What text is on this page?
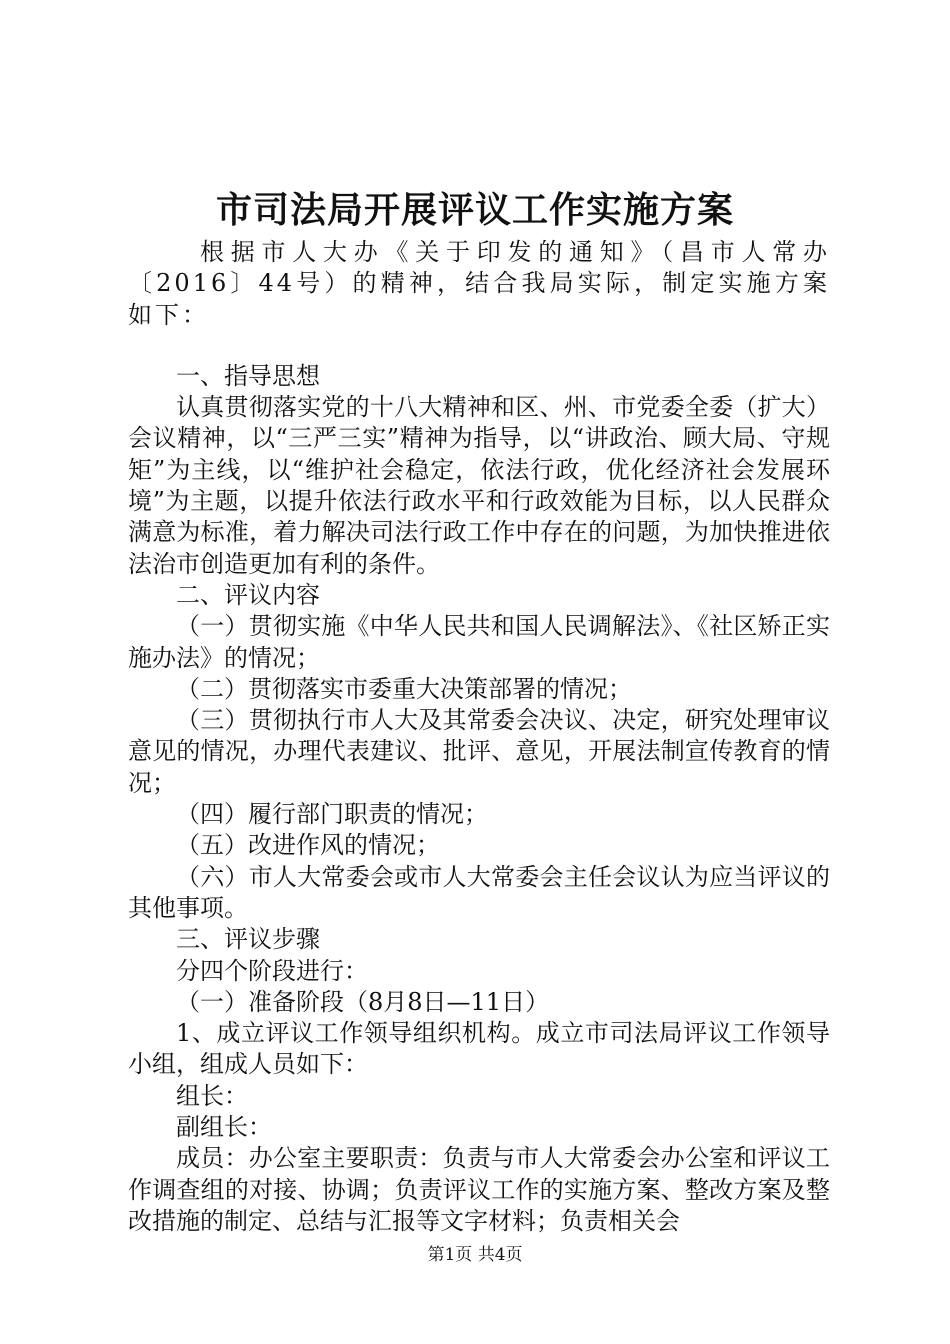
市司法局开展评议工作实施方案

根据市人大办《关于印发的通知》（昌市人常办〔2016〕44号）的精神，结合我局实际，制定实施方案如下：

一、指导思想

认真贯彻落实党的十八大精神和区、州、市党委全委（扩大）会议精神，以“三严三实”精神为指导，以“讲政治、顾大局、守规矩”为主线，以“维护社会稳定，依法行政，优化经济社会发展环境”为主题，以提升依法行政水平和行政效能为目标，以人民群众满意为标准，着力解决司法行政工作中存在的问题，为加快推进依法治市创造更加有利的条件。

二、评议内容

（一）贯彻实施《中华人民共和国人民调解法》、《社区矫正实施办法》的情况；

（二）贯彻落实市委重大决策部署的情况；

（三）贯彻执行市人大及其常委会决议、决定，研究处理审议意见的情况，办理代表建议、批评、意见，开展法制宣传教育的情况；

（四）履行部门职责的情况；

（五）改进作风的情况；

（六）市人大常委会或市人大常委会主任会议认为应当评议的其他事项。

三、评议步骤

分四个阶段进行：

（一）准备阶段（8月8日—11日）

1、成立评议工作领导组织机构。成立市司法局评议工作领导小组，组成人员如下：

组长：

副组长：

成员：办公室主要职责：负责与市人大常委会办公室和评议工作调查组的对接、协调；负责评议工作的实施方案、整改方案及整改措施的制定、总结与汇报等文字材料；负责相关会

第1页 共4页
